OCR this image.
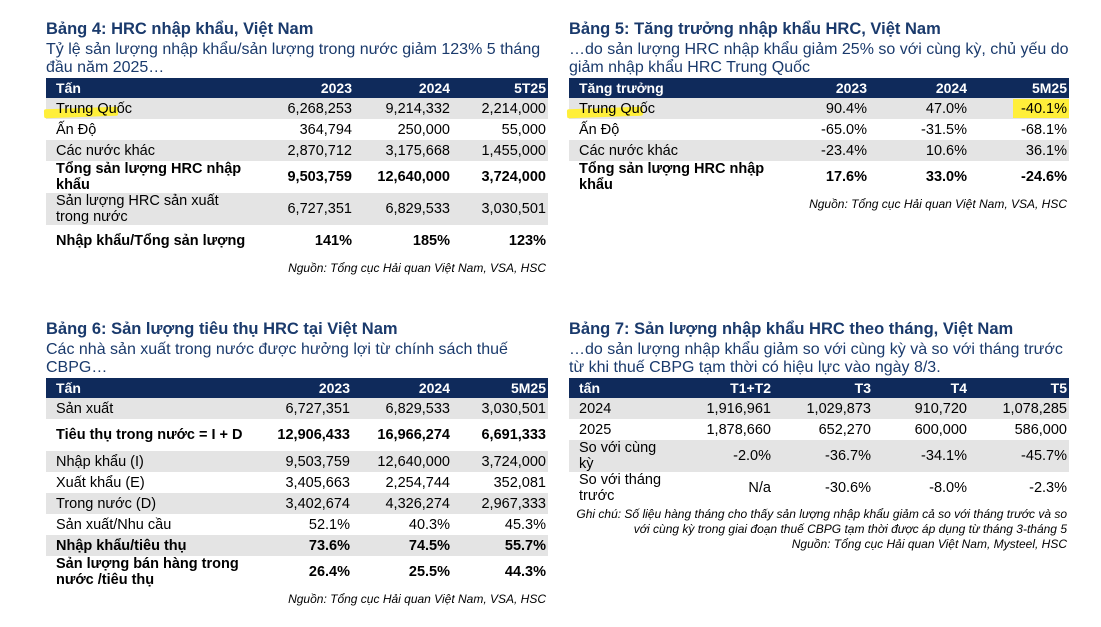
Bảng 4: HRC nhập khẩu, Việt Nam
Tỷ lệ sản lượng nhập khẩu/sản lượng trong nước giảm 123% 5 tháng đầu năm 2025…
Tấn	2023	2024	5T25

Trung Quốc	6,268,253	9,214,332	2,214,000
Ấn Độ	364,794	250,000	55,000
Các nước khác	2,870,712	3,175,668	1,455,000
Tổng sản lượng HRC nhập khẩu	9,503,759	12,640,000	3,724,000
Sản lượng HRC sản xuất trong nước	6,727,351	6,829,533	3,030,501
Nhập khẩu/Tổng sản lượng	141%	185%	123%
Nguồn: Tổng cục Hải quan Việt Nam, VSA, HSC
Bảng 5: Tăng trưởng nhập khẩu HRC, Việt Nam
…do sản lượng HRC nhập khẩu giảm 25% so với cùng kỳ, chủ yếu do giảm nhập khẩu HRC Trung Quốc
Tăng trưởng	2023	2024	5M25

Trung Quốc	90.4%	47.0%	-40.1%
Ấn Độ	-65.0%	-31.5%	-68.1%
Các nước khác	-23.4%	10.6%	36.1%
Tổng sản lượng HRC nhập khẩu	17.6%	33.0%	-24.6%
Nguồn: Tổng cục Hải quan Việt Nam, VSA, HSC
Bảng 6: Sản lượng tiêu thụ HRC tại Việt Nam
Các nhà sản xuất trong nước được hưởng lợi từ chính sách thuế CBPG…
Tấn	2023	2024	5M25
Sản xuất	6,727,351	6,829,533	3,030,501
Tiêu thụ trong nước = I + D	12,906,433	16,966,274	6,691,333
Nhập khẩu (I)	9,503,759	12,640,000	3,724,000
Xuất khẩu (E)	3,405,663	2,254,744	352,081
Trong nước (D)	3,402,674	4,326,274	2,967,333
Sản xuất/Nhu cầu	52.1%	40.3%	45.3%
Nhập khẩu/tiêu thụ	73.6%	74.5%	55.7%
Sản lượng bán hàng trong nước /tiêu thụ	26.4%	25.5%	44.3%
Nguồn: Tổng cục Hải quan Việt Nam, VSA, HSC
Bảng 7: Sản lượng nhập khẩu HRC theo tháng, Việt Nam
…do sản lượng nhập khẩu giảm so với cùng kỳ và so với tháng trước từ khi thuế CBPG tạm thời có hiệu lực vào ngày 8/3.
tấn	T1+T2	T3	T4	T5
2024	1,916,961	1,029,873	910,720	1,078,285
2025	1,878,660	652,270	600,000	586,000
So với cùng kỳ	-2.0%	-36.7%	-34.1%	-45.7%
So với tháng trước	N/a	-30.6%	-8.0%	-2.3%
Ghi chú: Số liệu hàng tháng cho thấy sản lượng nhập khẩu giảm cả so với tháng trước và so với cùng kỳ trong giai đoạn thuế CBPG tạm thời được áp dụng từ tháng 3-tháng 5
Nguồn: Tổng cục Hải quan Việt Nam, Mysteel, HSC
